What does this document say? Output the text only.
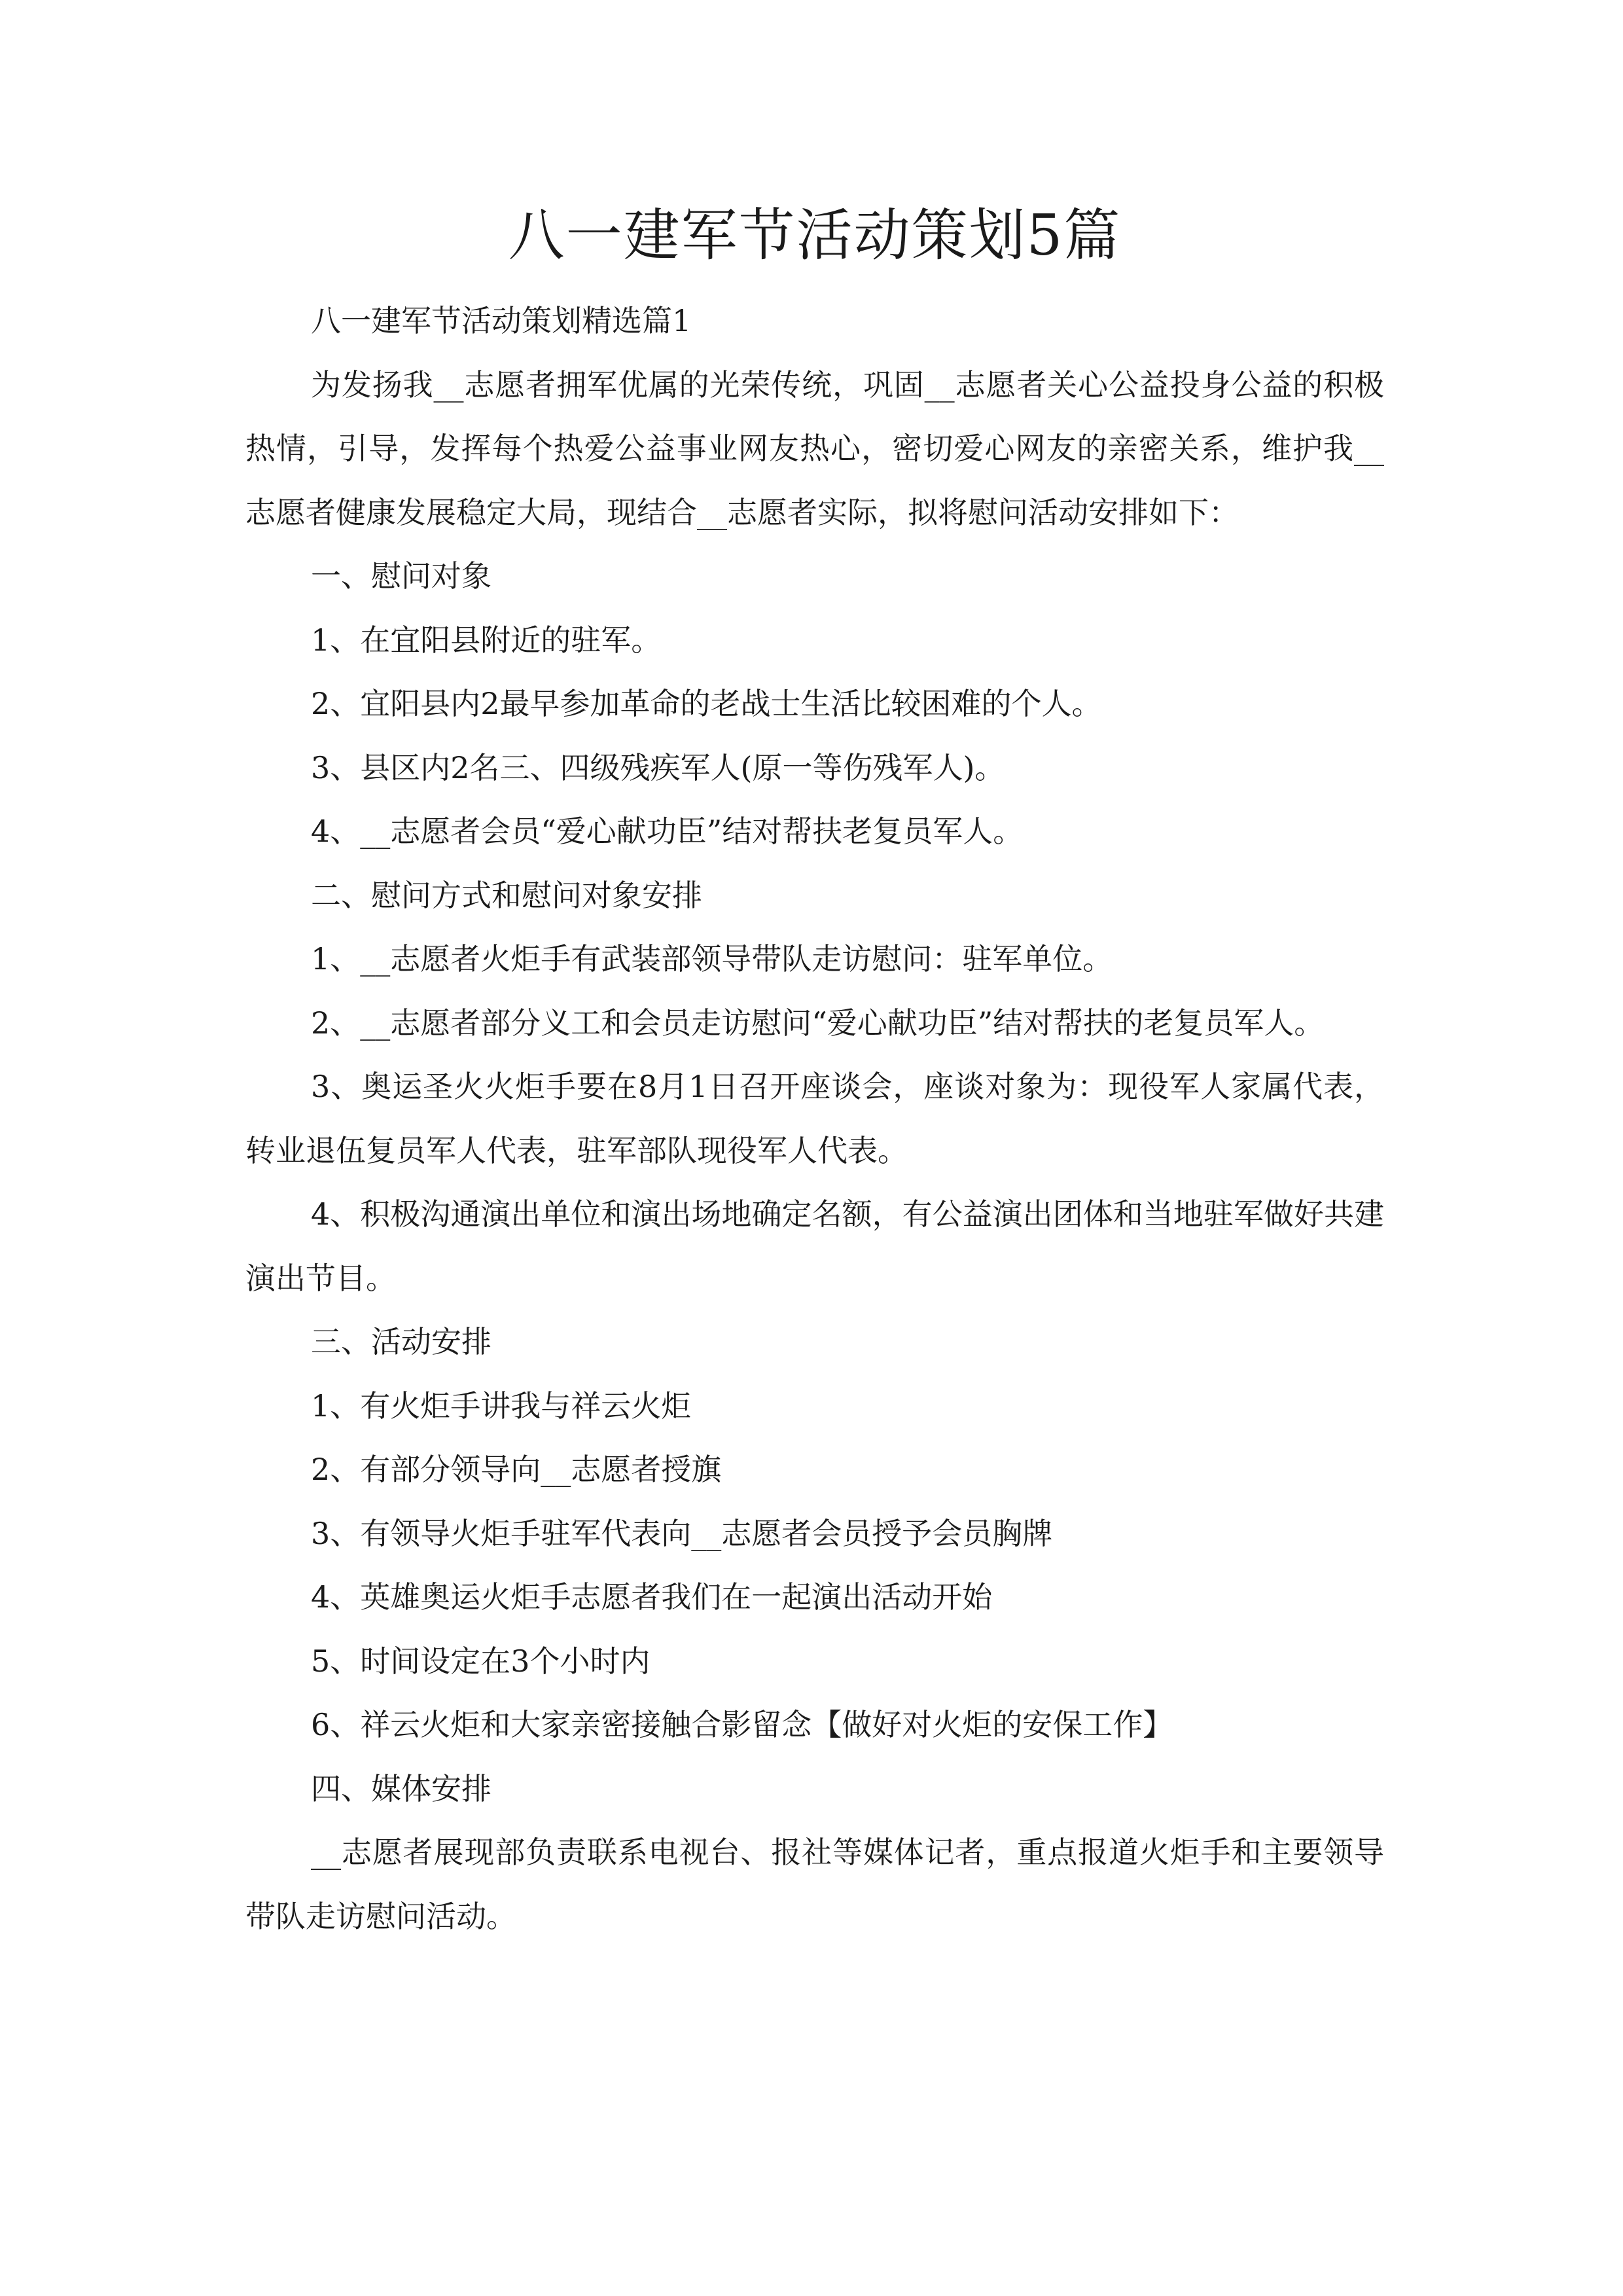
八一建军节活动策划5篇

八一建军节活动策划精选篇1

为发扬我__志愿者拥军优属的光荣传统，巩固__志愿者关心公益投身公益的积极热情，引导，发挥每个热爱公益事业网友热心，密切爱心网友的亲密关系，维护我__志愿者健康发展稳定大局，现结合__志愿者实际，拟将慰问活动安排如下：

一、慰问对象

1、在宜阳县附近的驻军。

2、宜阳县内2最早参加革命的老战士生活比较困难的个人。

3、县区内2名三、四级残疾军人(原一等伤残军人)。

4、__志愿者会员“爱心献功臣”结对帮扶老复员军人。

二、慰问方式和慰问对象安排

1、__志愿者火炬手有武装部领导带队走访慰问：驻军单位。

2、__志愿者部分义工和会员走访慰问“爱心献功臣”结对帮扶的老复员军人。

3、奥运圣火火炬手要在8月1日召开座谈会，座谈对象为：现役军人家属代表，转业退伍复员军人代表，驻军部队现役军人代表。

4、积极沟通演出单位和演出场地确定名额，有公益演出团体和当地驻军做好共建演出节目。

三、活动安排

1、有火炬手讲我与祥云火炬

2、有部分领导向__志愿者授旗

3、有领导火炬手驻军代表向__志愿者会员授予会员胸牌

4、英雄奥运火炬手志愿者我们在一起演出活动开始

5、时间设定在3个小时内

6、祥云火炬和大家亲密接触合影留念【做好对火炬的安保工作】

四、媒体安排

__志愿者展现部负责联系电视台、报社等媒体记者，重点报道火炬手和主要领导带队走访慰问活动。
